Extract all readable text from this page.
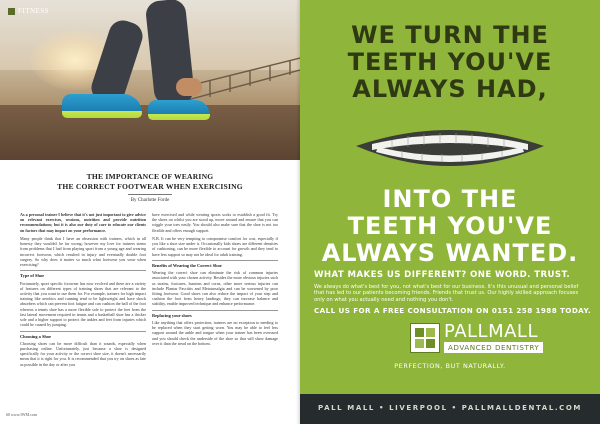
FITNESS
THE IMPORTANCE OF WEARING
THE CORRECT FOOTWEAR WHEN EXERCISING
By Charlotte Forde

As a personal trainer I believe that it's not just important to give advice on relevant exercises, sessions, nutrition and provide nutrition recommendations; but it is also our duty of care to educate our clients on factors that may impact on your performance.

Many people think that I have an obsession with trainers, which in all honesty they wouldn't be far wrong; however my love for trainers stems from problems that I had from playing sport from a young age and wearing incorrect footwear, which resulted in injury and eventually double foot surgery. So why does it matter so much what footwear you wear when exercising?

Type of Shoe

Fortunately, sport specific footwear has now evolved and there are a variety of features on different types of training shoes that are relevant to the activity that you want to use them for. For example, trainers for high impact training like aerobics and running tend to be lightweight and have shock absorbers which can prevent foot fatigue and can cushion the ball of the foot whereas a tennis shoe has a more flexible sole to protect the feet from the fast lateral movement required in tennis and a basketball shoe has a thicker sole and a higher support to protect the ankles and feet from injuries which could be caused by jumping.

Choosing a Shoe

Choosing shoes can be more difficult than it sounds, especially when purchasing online. Unfortunately, just because a shoe is designed specifically for your activity or the correct shoe size, it doesn't necessarily mean that it is right for you. It is recommended that you try on shoes as late as possible in the day or after you

have exercised and while wearing sports socks to establish a good fit. Try the shoes on whilst you are stood up, move around and ensure that you can wiggle your toes easily. You should also make sure that the shoe is not too flexible and offers enough support.

N.B. It can be very tempting to compromise comfort for cost, especially if you like a shoe size under it. Occasionally kids shoes are different densities of cushioning, can be more flexible to account for growth and they tend to have less support so may not be ideal for adult training.

Benefits of Wearing the Correct Shoe

Wearing the correct shoe can eliminate the risk of common injuries associated with your chosen activity. Besides the more obvious injuries such as strains, fractures, bunions and corns, other more serious injuries can include Plantar Fasciitis and Metatarsalgia and can be worsened by poor fitting footwear. Good shoes can also reduce the impact of your step and cushion the foot from heavy landings; they can increase balance and stability, enable improved technique and enhance performance.

Replacing your shoes

Like anything that offers protection, trainers are no exception to needing to be replaced when they start getting worn. You may be able to feel less support around the ankle and tongue when your trainer has been overused and you should check the underside of the shoe so that will show damage over it than the tread on the bottom.

60 www.IWM.com
WE TURN THE
TEETH YOU'VE
ALWAYS HAD,
INTO THE
TEETH YOU'VE
ALWAYS WANTED.
WHAT MAKES US DIFFERENT? ONE WORD. TRUST.
We always do what's best for you, not what's best for our business. It's this unusual and personal belief that has led to our patients becoming friends. Friends that trust us. Our highly skilled approach focuses only on what you actually need and nothing you don't.
CALL US FOR A FREE CONSULTATION ON 0151 258 1988 TODAY.
PALLMALL
ADVANCED DENTISTRY
PERFECTION, BUT NATURALLY.
PALL MALL • LIVERPOOL • PALLMALLDENTAL.COM
